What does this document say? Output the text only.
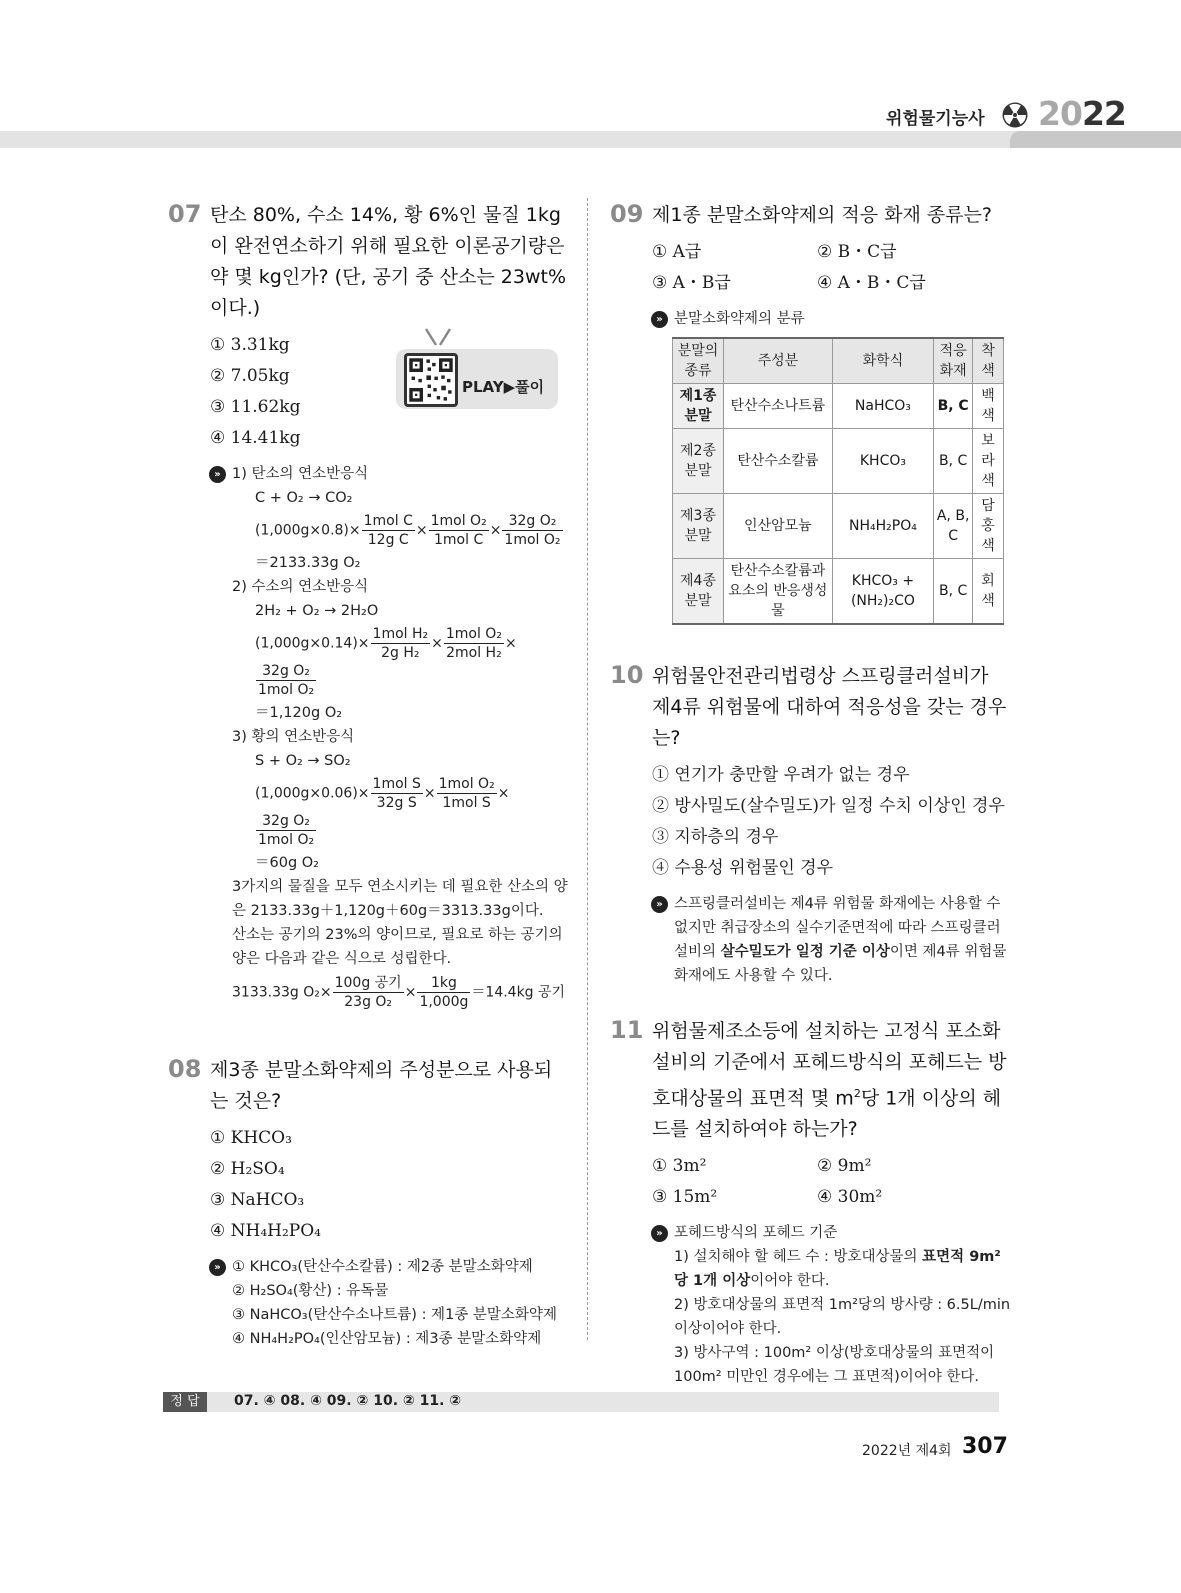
위험물기능사 2022
07 탄소 80%, 수소 14%, 황 6%인 물질 1kg이 완전연소하기 위해 필요한 이론공기량은 약 몇 kg인가? (단, 공기 중 산소는 23wt%이다.)
① 3.31kg
② 7.05kg
③ 11.62kg
④ 14.41kg
» 1) 탄소의 연소반응식
C + O₂ → CO₂
$(1,000g\times 0.8)\times \frac{\text{1mol C}}{\text{12g C}} \times \frac{\text{1mol O₂}}{\text{1mol C}} \times \frac{\text{32g O₂}}{\text{1mol O₂}}$
＝2133.33g O₂
2) 수소의 연소반응식
2H₂ + O₂ → 2H₂O
$(1,000g\times 0.14)\times \frac{\text{1mol H₂}}{\text{2g H₂}} \times \frac{\text{1mol O₂}}{\text{2mol H₂}}$ ×
$\frac{\text{32g O₂}}{\text{1mol O₂}}$
＝1,120g O₂
3) 황의 연소반응식
S + O₂ → SO₂
$(1,000g\times 0.06)\times \frac{\text{1mol S}}{\text{32g S}} \times \frac{\text{1mol O₂}}{\text{1mol S}}$ ×
$\frac{\text{32g O₂}}{\text{1mol O₂}}$
＝60g O₂
3가지의 물질을 모두 연소시키는 데 필요한 산소의 양은 2133.33g＋1,120g＋60g＝3313.33g이다.
산소는 공기의 23%의 양이므로, 필요로 하는 공기의 양은 다음과 같은 식으로 성립한다.
3133.33g $O_2\times \frac{\text{100g 공기}}{\text{23g O₂}} \times \frac{1kg}{1,000g} =14.4kg$ 공기
08 제3종 분말소화약제의 주성분으로 사용되는 것은?
① KHCO₃
② H₂SO₄
③ NaHCO₃
④ NH₄H₂PO₄
» ① KHCO₃(탄산수소칼륨) : 제2종 분말소화약제
② H₂SO₄(황산) : 유독물
③ NaHCO₃(탄산수소나트륨) : 제1종 분말소화약제
④ NH₄H₂PO₄(인산암모늄) : 제3종 분말소화약제
PLAY▶풀이
09 제1종 분말소화약제의 적응 화재 종류는?
① A급	② B・C급
③ A・B급	④ A・B・C급
» 분말소화약제의 분류
분말의 종류	주성분	화학식	적응 화재	착 색
제1종 분말	탄산수소나트륨	NaHCO₃	B, C	백색
제2종 분말	탄산수소칼륨	KHCO₃	B, C	보라색
제3종 분말	인산암모늄	NH₄H₂PO₄	A, B, C	담홍색
제4종 분말	탄산수소칼륨과 요소의 반응생성물	KHCO₃ + (NH₂)₂CO	B, C	회색
10 위험물안전관리법령상 스프링클러설비가 제4류 위험물에 대하여 적응성을 갖는 경우는?
① 연기가 충만할 우려가 없는 경우
② 방사밀도(살수밀도)가 일정 수치 이상인 경우
③ 지하층의 경우
④ 수용성 위험물인 경우
» 스프링클러설비는 제4류 위험물 화재에는 사용할 수 없지만 취급장소의 실수기준면적에 따라 스프링클러설비의 살수밀도가 일정 기준 이상이면 제4류 위험물 화재에도 사용할 수 있다.
11 위험물제조소등에 설치하는 고정식 포소화설비의 기준에서 포헤드방식의 포헤드는 방호대상물의 표면적 몇 $m^2$당 1개 이상의 헤드를 설치하여야 하는가?
① 3m²	② 9m²
③ 15m²	④ 30m²
» 포헤드방식의 포헤드 기준
1) 설치해야 할 헤드 수 : 방호대상물의 표면적 9m²당 1개 이상이어야 한다.
2) 방호대상물의 표면적 1m²당의 방사량 : 6.5L/min 이상이어야 한다.
3) 방사구역 : 100m² 이상(방호대상물의 표면적이 100m² 미만인 경우에는 그 표면적)이어야 한다.
정 답	07. ④ 08. ④ 09. ② 10. ② 11. ②
2022년 제4회 307
